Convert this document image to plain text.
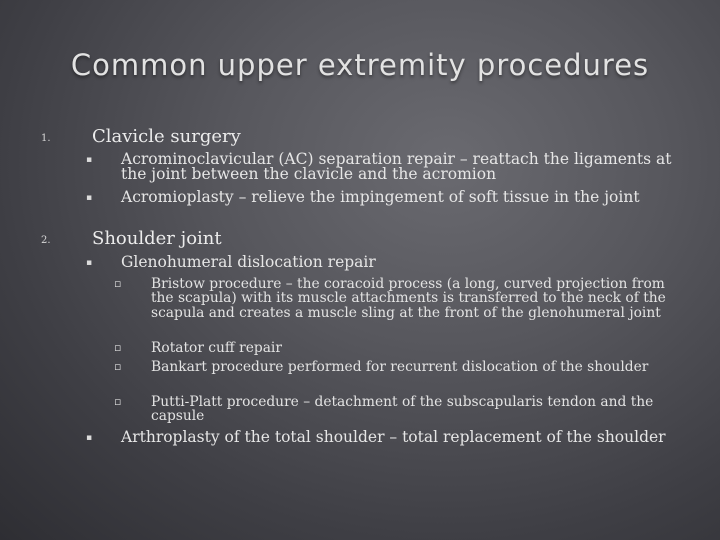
Common upper extremity procedures
1. Clavicle surgery
▪ Acrominoclavicular (AC) separation repair – reattach the ligaments at the joint between the clavicle and the acromion
▪ Acromioplasty – relieve the impingement of soft tissue in the joint
2. Shoulder joint
▪ Glenohumeral dislocation repair
▫ Bristow procedure – the coracoid process (a long, curved projection from the scapula) with its muscle attachments is transferred to the neck of the scapula and creates a muscle sling at the front of the glenohumeral joint
▫ Rotator cuff repair
▫ Bankart procedure performed for recurrent dislocation of the shoulder
▫ Putti-Platt procedure – detachment of the subscapularis tendon and the capsule
▪ Arthroplasty of the total shoulder – total replacement of the shoulder
